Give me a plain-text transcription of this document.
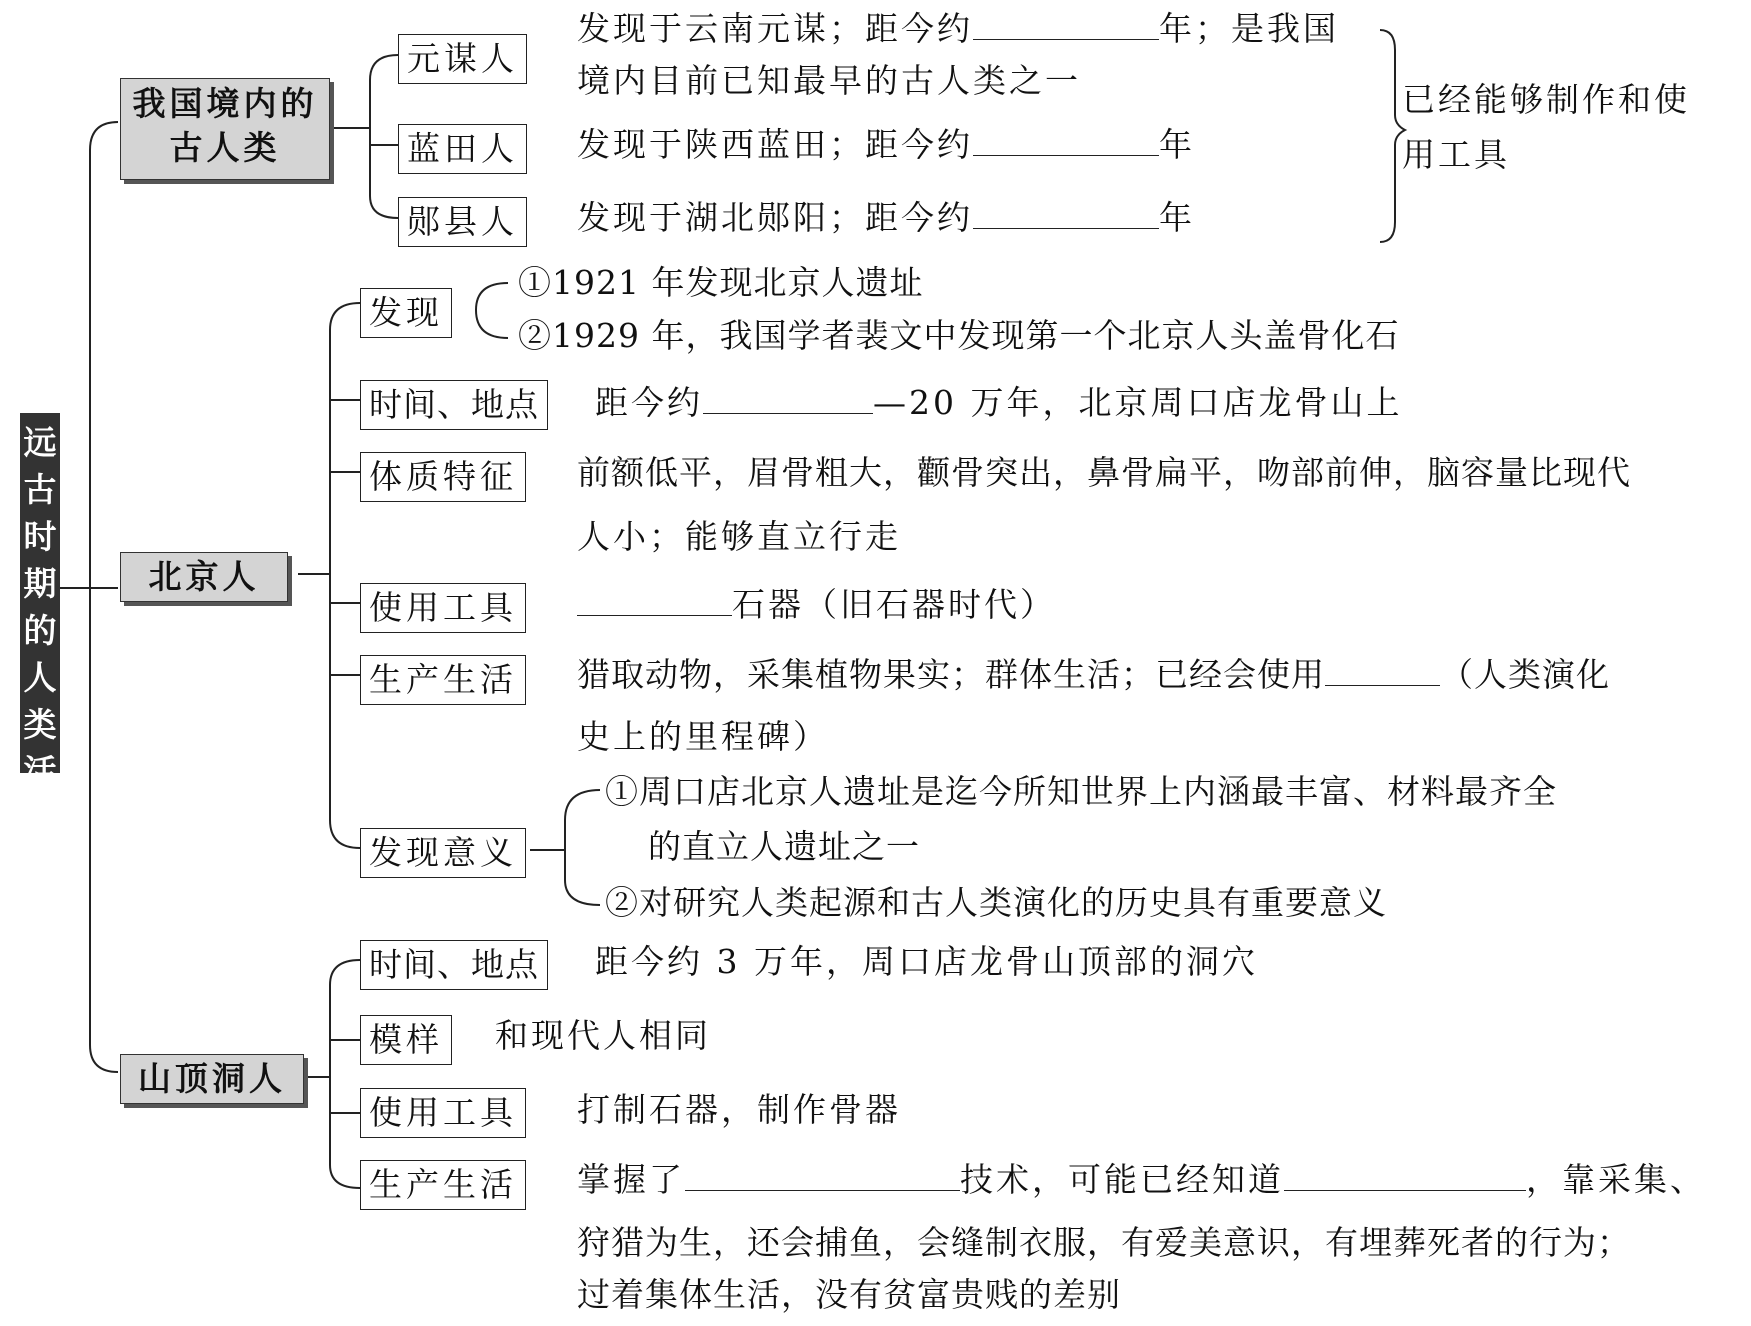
远
古
时
期
的
人
类
活
动
我国境内的
古人类
元谋人
发现于云南元谋；距今约	年；是我国
境内目前已知最早的古人类之一
蓝田人 发现于陕西蓝田；距今约	年
郧县人 发现于湖北郧阳；距今约	年
已经能够制作和使
用工具
北京人
发现
①1921 年发现北京人遗址
②1929 年，我国学者裴文中发现第一个北京人头盖骨化石
时间、地点 距今约	—20 万年，北京周口店龙骨山上
体质特征 前额低平，眉骨粗大，颧骨突出，鼻骨扁平，吻部前伸，脑容量比现代
人小；能够直立行走
使用工具	石器（旧石器时代）
生产生活 猎取动物，采集植物果实；群体生活；已经会使用	（人类演化
史上的里程碑）
发现意义
①周口店北京人遗址是迄今所知世界上内涵最丰富、材料最齐全
的直立人遗址之一
②对研究人类起源和古人类演化的历史具有重要意义
山顶洞人
时间、地点 距今约 3 万年，周口店龙骨山顶部的洞穴
模样 和现代人相同
使用工具 打制石器，制作骨器
生产生活 掌握了	技术，可能已经知道	，靠采集、
狩猎为生，还会捕鱼，会缝制衣服，有爱美意识，有埋葬死者的行为；
过着集体生活，没有贫富贵贱的差别
